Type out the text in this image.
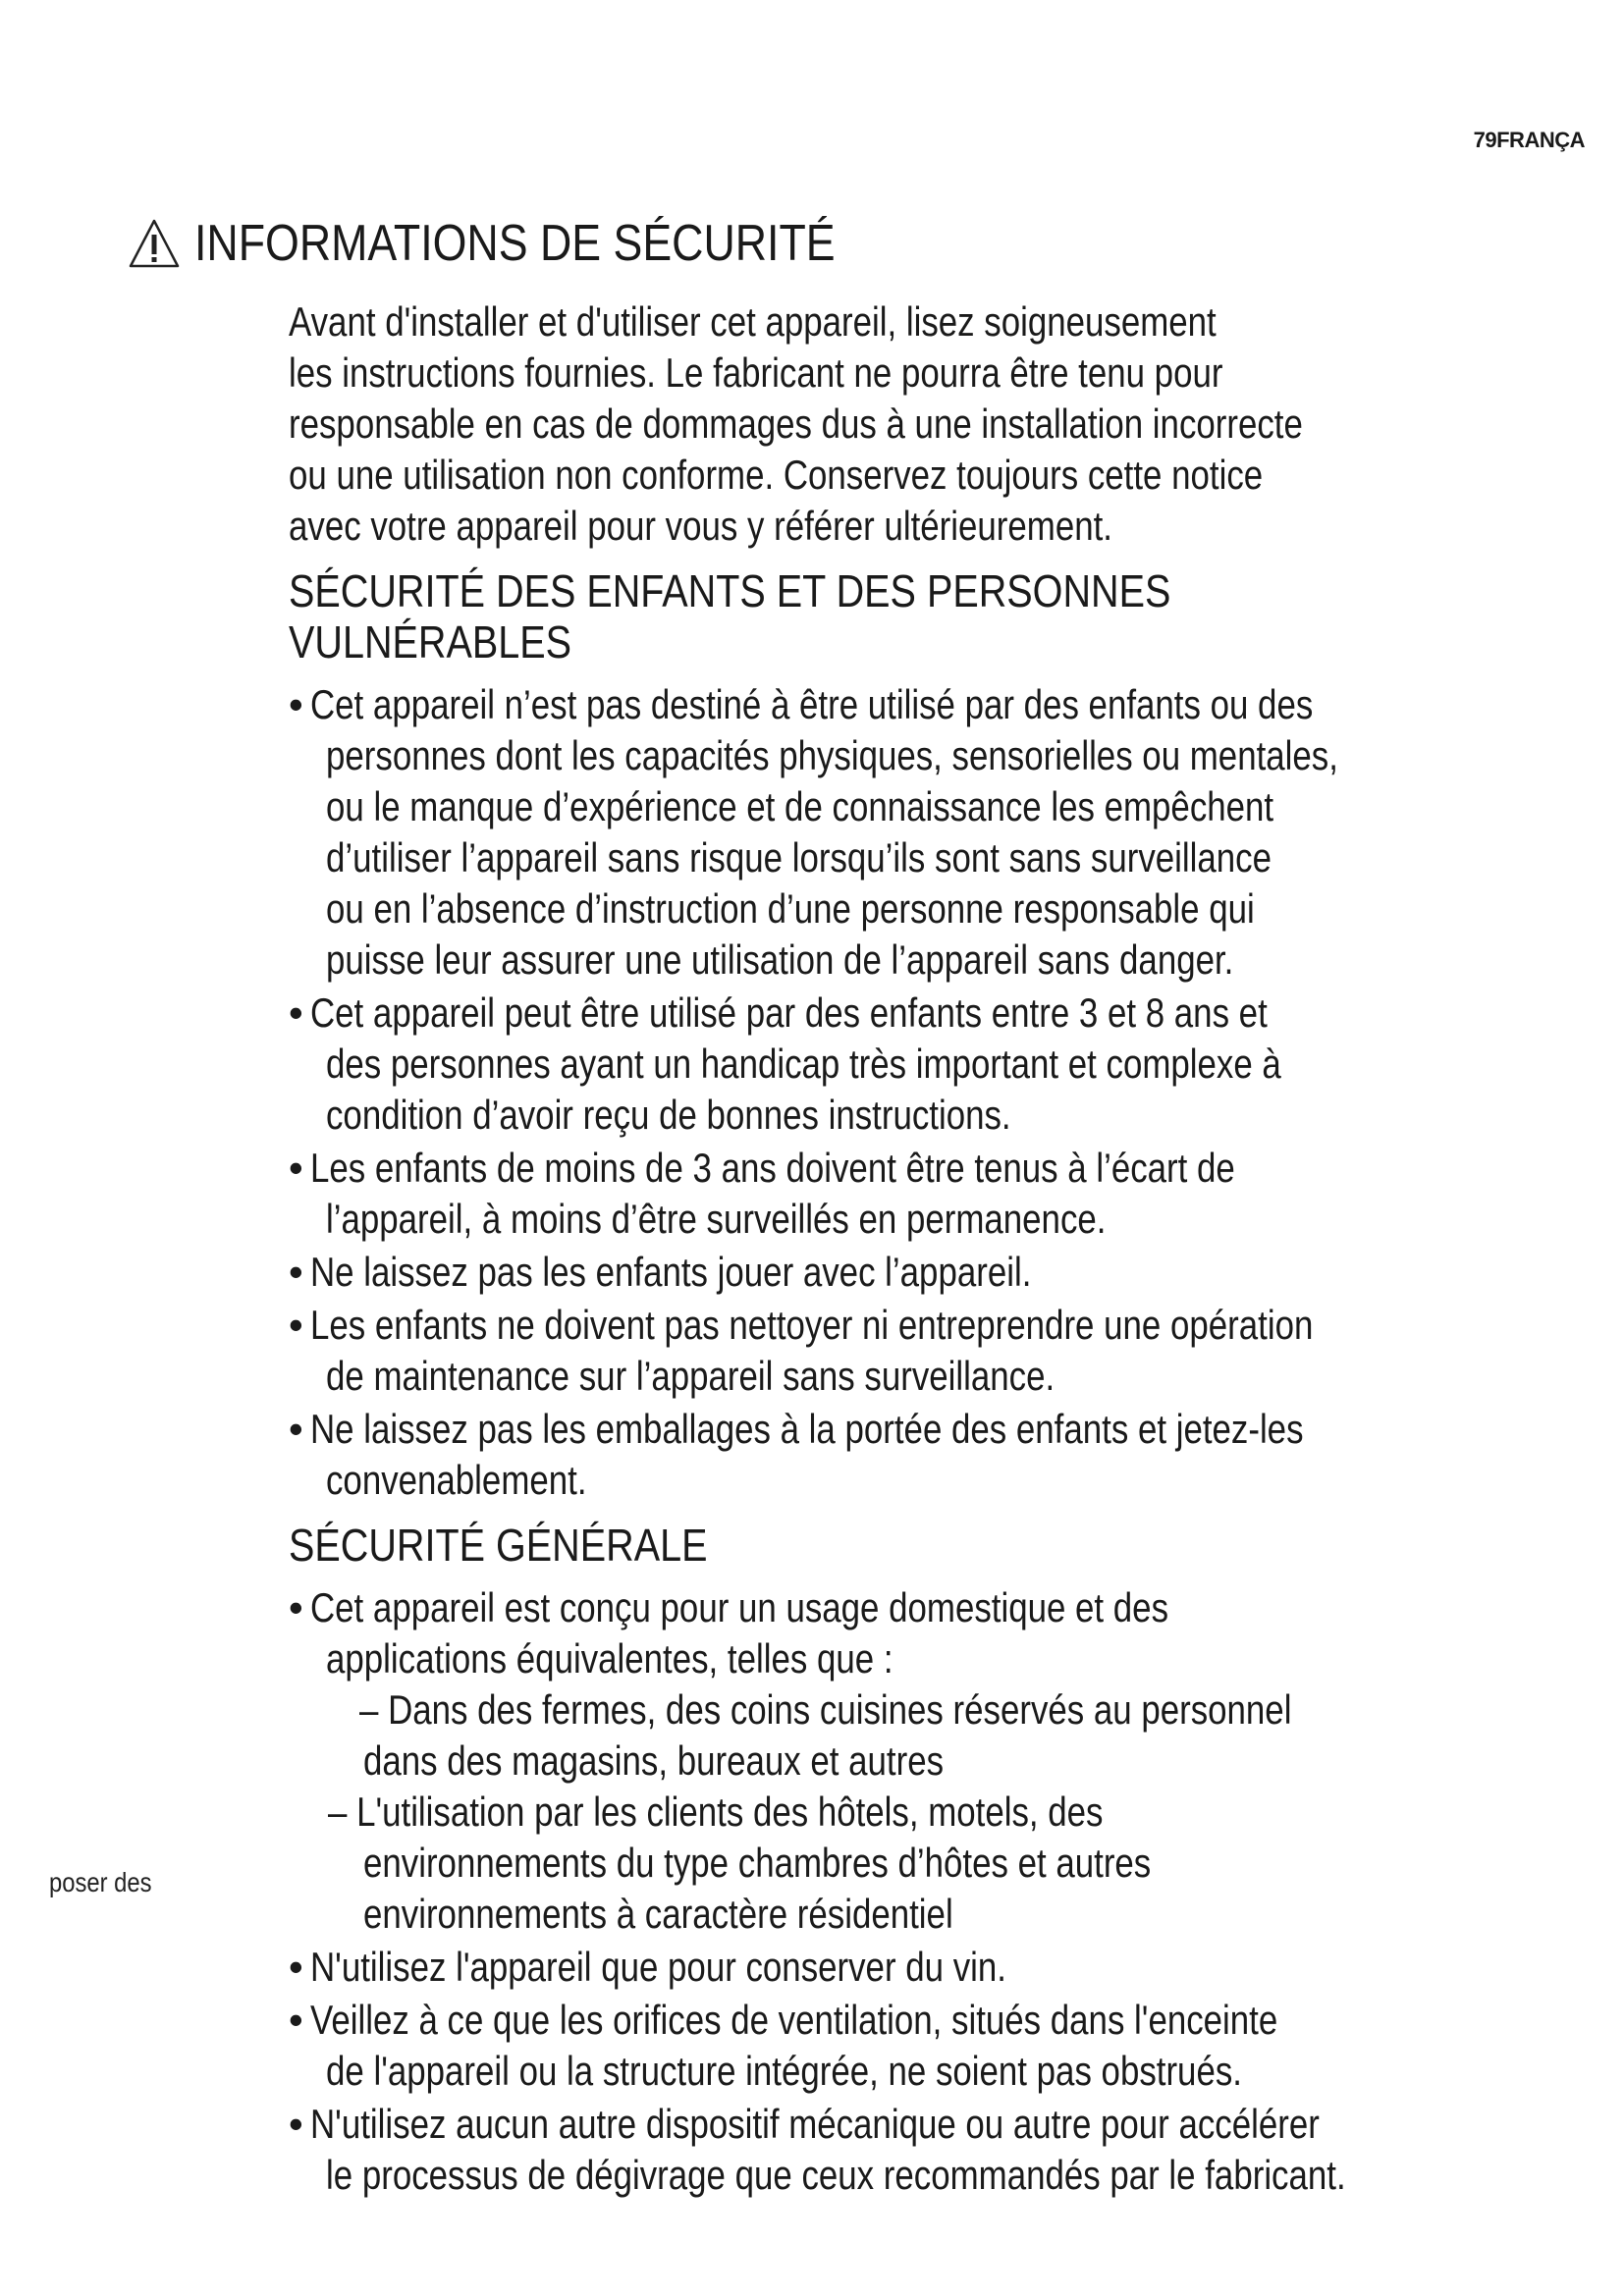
79FRANÇA
INFORMATIONS DE SÉCURITÉ
poser des
Avant d'installer et d'utiliser cet appareil, lisez soigneusement
les instructions fournies. Le fabricant ne pourra être tenu pour
responsable en cas de dommages dus à une installation incorrecte
ou une utilisation non conforme. Conservez toujours cette notice
avec votre appareil pour vous y référer ultérieurement.
SÉCURITÉ DES ENFANTS ET DES PERSONNES
VULNÉRABLES
• Cet appareil n’est pas destiné à être utilisé par des enfants ou des
personnes dont les capacités physiques, sensorielles ou mentales,
ou le manque d’expérience et de connaissance les empêchent
d’utiliser l’appareil sans risque lorsqu’ils sont sans surveillance
ou en l’absence d’instruction d’une personne responsable qui
puisse leur assurer une utilisation de l’appareil sans danger.
• Cet appareil peut être utilisé par des enfants entre 3 et 8 ans et
des personnes ayant un handicap très important et complexe à
condition d’avoir reçu de bonnes instructions.
• Les enfants de moins de 3 ans doivent être tenus à l’écart de
l’appareil, à moins d’être surveillés en permanence.
• Ne laissez pas les enfants jouer avec l’appareil.
• Les enfants ne doivent pas nettoyer ni entreprendre une opération
de maintenance sur l’appareil sans surveillance.
• Ne laissez pas les emballages à la portée des enfants et jetez-les
convenablement.
SÉCURITÉ GÉNÉRALE
• Cet appareil est conçu pour un usage domestique et des
applications équivalentes, telles que :
– Dans des fermes, des coins cuisines réservés au personnel
dans des magasins, bureaux et autres
– L'utilisation par les clients des hôtels, motels, des
environnements du type chambres d’hôtes et autres
environnements à caractère résidentiel
• N'utilisez l'appareil que pour conserver du vin.
• Veillez à ce que les orifices de ventilation, situés dans l'enceinte
de l'appareil ou la structure intégrée, ne soient pas obstrués.
• N'utilisez aucun autre dispositif mécanique ou autre pour accélérer
le processus de dégivrage que ceux recommandés par le fabricant.
